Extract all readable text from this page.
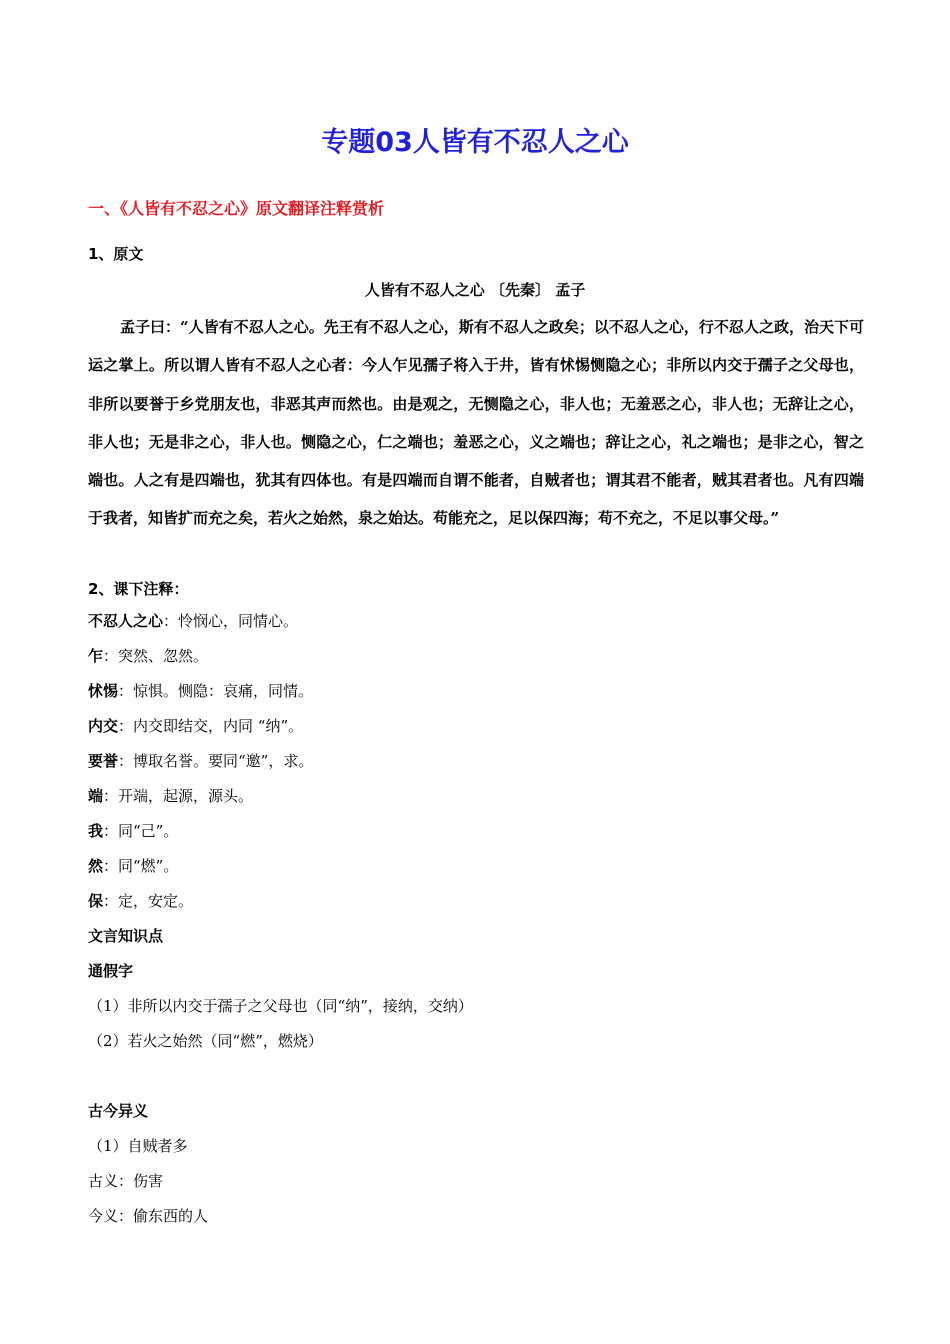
专题03人皆有不忍人之心
一、《人皆有不忍之心》原文翻译注释赏析
1、原文
人皆有不忍人之心 〔先秦〕 孟子

孟子曰：“人皆有不忍人之心。先王有不忍人之心，斯有不忍人之政矣；以不忍人之心，行不忍人之政，治天下可运之掌上。所以谓人皆有不忍人之心者：今人乍见孺子将入于井，皆有怵惕恻隐之心；非所以内交于孺子之父母也，非所以要誉于乡党朋友也，非恶其声而然也。由是观之，无恻隐之心，非人也；无羞恶之心，非人也；无辞让之心，非人也；无是非之心，非人也。恻隐之心，仁之端也；羞恶之心，义之端也；辞让之心，礼之端也；是非之心，智之端也。人之有是四端也，犹其有四体也。有是四端而自谓不能者，自贼者也；谓其君不能者，贼其君者也。凡有四端于我者，知皆扩而充之矣，若火之始然，泉之始达。苟能充之，足以保四海；苟不充之，不足以事父母。”

2、课下注释：
不忍人之心：怜悯心，同情心。
乍：突然、忽然。
怵惕：惊惧。恻隐：哀痛，同情。
内交：内交即结交，内同 “纳”。
要誉：博取名誉。要同“邀”，求。
端：开端，起源，源头。
我：同“己”。
然：同“燃”。
保：定，安定。
文言知识点
通假字
（1）非所以内交于孺子之父母也（同“纳”，接纳，交纳）
（2）若火之始然（同“燃”，燃烧）
古今异义
（1）自贼者多
古义：伤害
今义：偷东西的人
